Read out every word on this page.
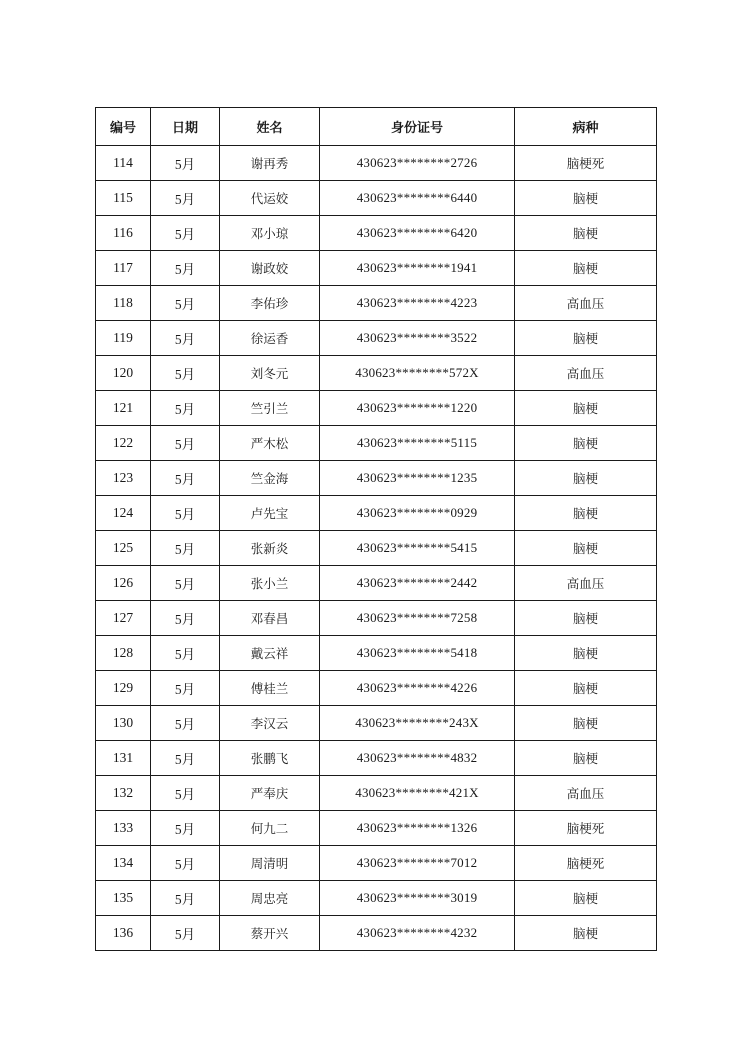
编号	日期	姓名	身份证号	病种
114	5月	谢再秀	430623********2726	脑梗死
115	5月	代运姣	430623********6440	脑梗
116	5月	邓小琼	430623********6420	脑梗
117	5月	谢政姣	430623********1941	脑梗
118	5月	李佑珍	430623********4223	高血压
119	5月	徐运香	430623********3522	脑梗
120	5月	刘冬元	430623********572X	高血压
121	5月	竺引兰	430623********1220	脑梗
122	5月	严木松	430623********5115	脑梗
123	5月	竺金海	430623********1235	脑梗
124	5月	卢先宝	430623********0929	脑梗
125	5月	张新炎	430623********5415	脑梗
126	5月	张小兰	430623********2442	高血压
127	5月	邓春昌	430623********7258	脑梗
128	5月	戴云祥	430623********5418	脑梗
129	5月	傅桂兰	430623********4226	脑梗
130	5月	李汉云	430623********243X	脑梗
131	5月	张鹏飞	430623********4832	脑梗
132	5月	严奉庆	430623********421X	高血压
133	5月	何九二	430623********1326	脑梗死
134	5月	周清明	430623********7012	脑梗死
135	5月	周忠亮	430623********3019	脑梗
136	5月	蔡开兴	430623********4232	脑梗
